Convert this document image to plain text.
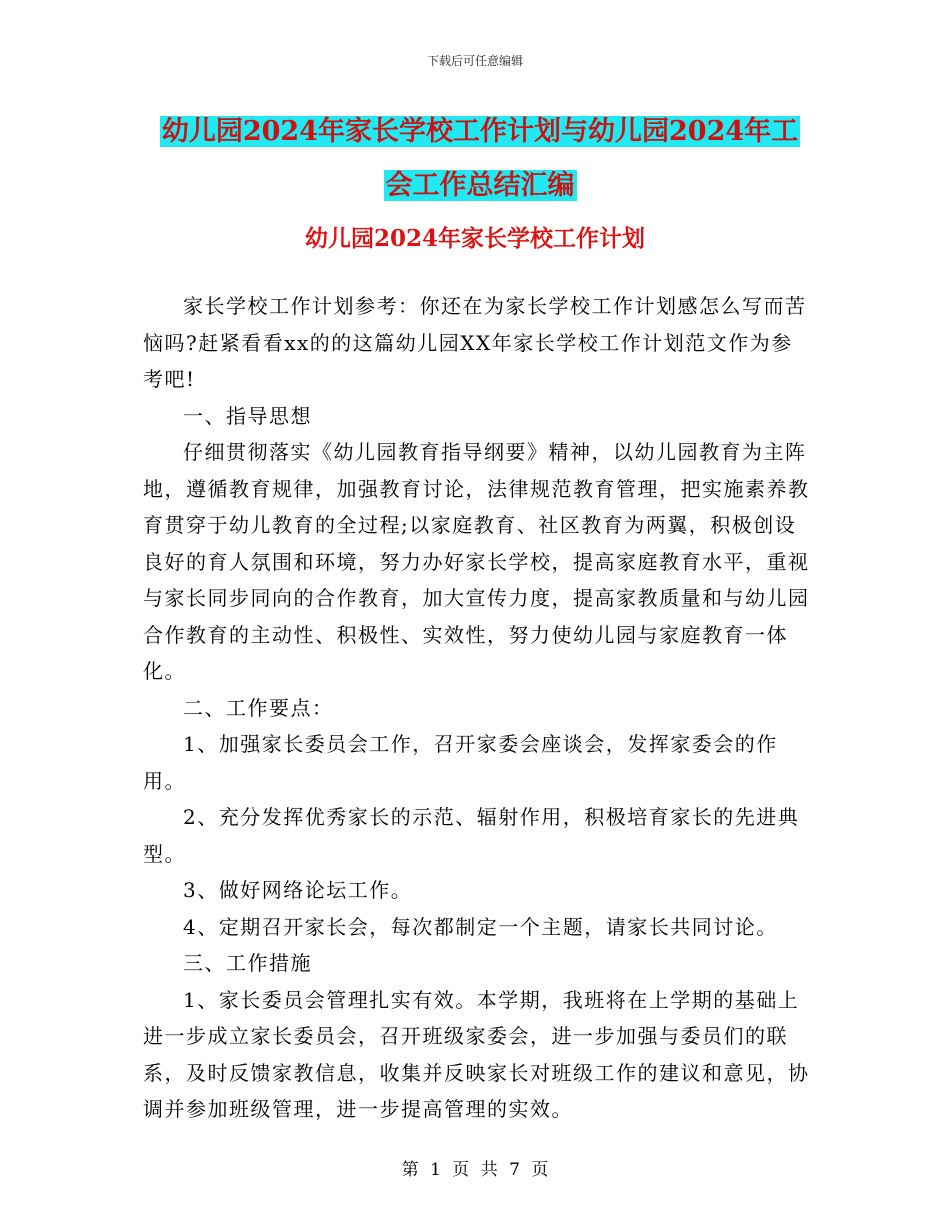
下载后可任意编辑
幼儿园2024年家长学校工作计划与幼儿园2024年工
会工作总结汇编
幼儿园2024年家长学校工作计划

家长学校工作计划参考：你还在为家长学校工作计划感怎么写而苦恼吗?赶紧看看xx的的这篇幼儿园XX年家长学校工作计划范文作为参考吧!

一、指导思想

仔细贯彻落实《幼儿园教育指导纲要》精神，以幼儿园教育为主阵地，遵循教育规律，加强教育讨论，法律规范教育管理，把实施素养教育贯穿于幼儿教育的全过程;以家庭教育、社区教育为两翼，积极创设良好的育人氛围和环境，努力办好家长学校，提高家庭教育水平，重视与家长同步同向的合作教育，加大宣传力度，提高家教质量和与幼儿园合作教育的主动性、积极性、实效性，努力使幼儿园与家庭教育一体化。

二、工作要点：

1、加强家长委员会工作，召开家委会座谈会，发挥家委会的作用。

2、充分发挥优秀家长的示范、辐射作用，积极培育家长的先进典型。

3、做好网络论坛工作。

4、定期召开家长会，每次都制定一个主题，请家长共同讨论。

三、工作措施

1、家长委员会管理扎实有效。本学期，我班将在上学期的基础上进一步成立家长委员会，召开班级家委会，进一步加强与委员们的联系，及时反馈家教信息，收集并反映家长对班级工作的建议和意见，协调并参加班级管理，进一步提高管理的实效。

第 1 页 共 7 页
